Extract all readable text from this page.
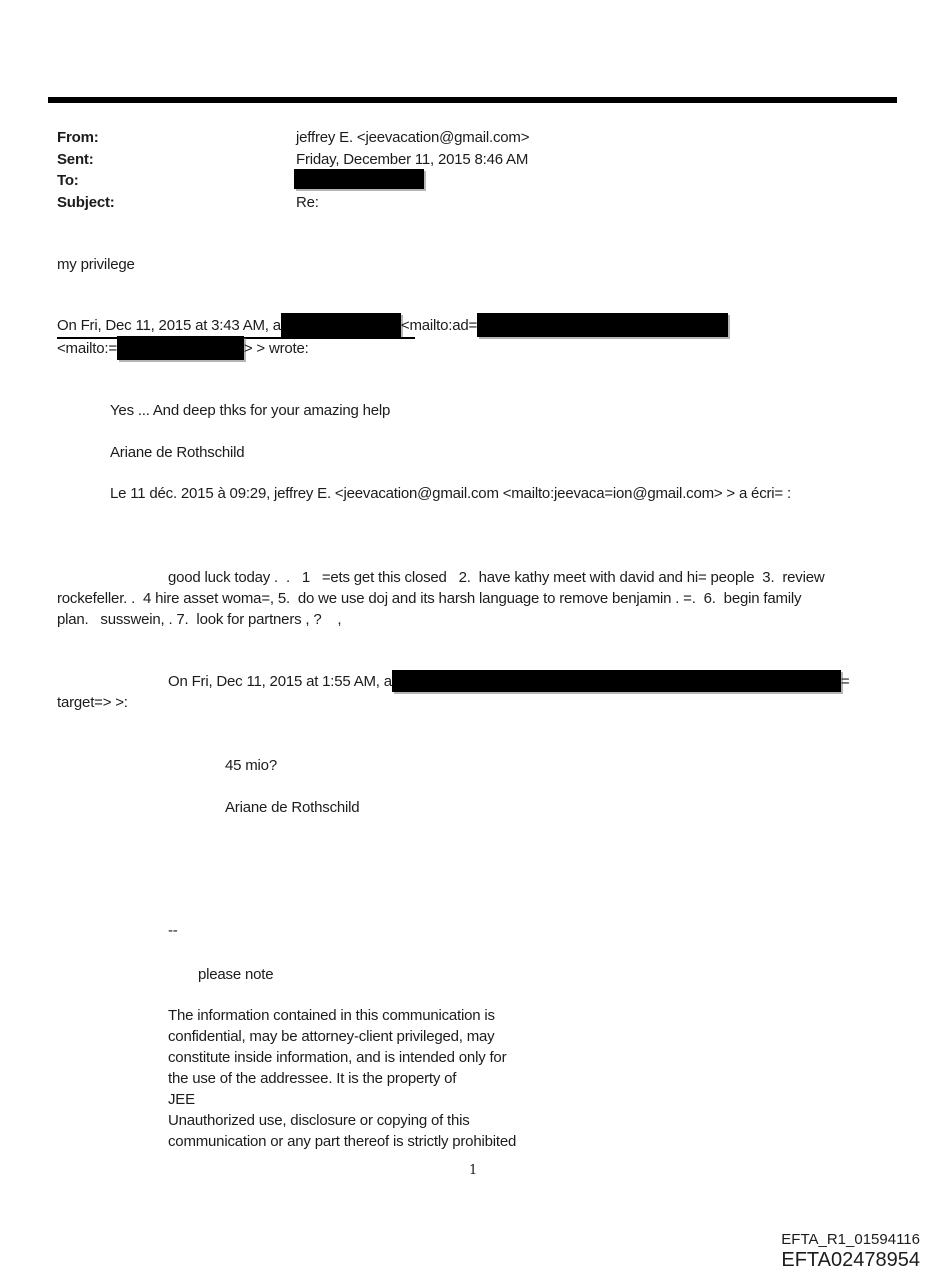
From:	jeffrey E. <jeevacation@gmail.com>
Sent:	Friday, December 11, 2015 8:46 AM
To:
Subject:	Re:
my privilege
On Fri, Dec 11, 2015 at 3:43 AM, a	<mailto:ad=
<mailto:=	> > wrote:
Yes ... And deep thks for your amazing help
Ariane de Rothschild
Le 11 déc. 2015 à 09:29, jeffrey E. <jeevacation@gmail.com <mailto:jeevaca=ion@gmail.com> > a écri= :
good luck today .  .   1   =ets get this closed   2.  have kathy meet with david and hi= people  3.  review
rockefeller. .  4 hire asset woma=, 5.  do we use doj and its harsh language to remove benjamin . =.  6.  begin family
plan.   susswein, . 7.  look for partners , ?    ,
On Fri, Dec 11, 2015 at 1:55 AM, a	=
target=> >:
45 mio?
Ariane de Rothschild
--
please note
The information contained in this communication is
confidential, may be attorney-client privileged, may
constitute inside information, and is intended only for
the use of the addressee. It is the property of
JEE
Unauthorized use, disclosure or copying of this
communication or any part thereof is strictly prohibited
1
EFTA_R1_01594116
EFTA02478954
